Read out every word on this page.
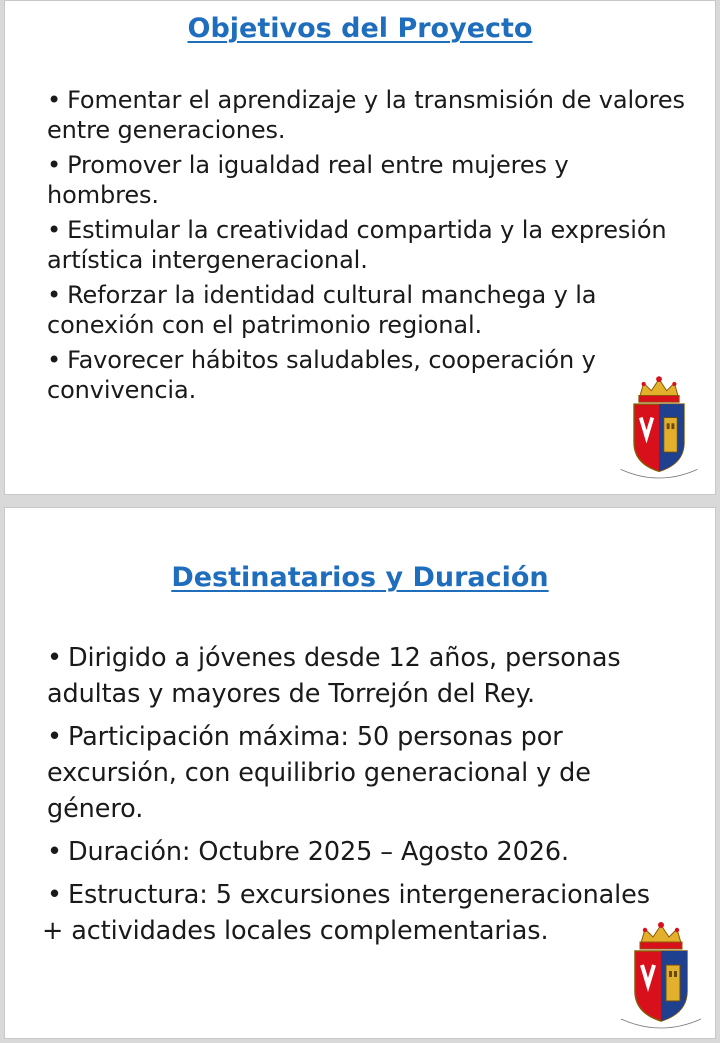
Objetivos del Proyecto
• Fomentar el aprendizaje y la transmisión de valores entre generaciones.
• Promover la igualdad real entre mujeres y hombres.
• Estimular la creatividad compartida y la expresión artística intergeneracional.
• Reforzar la identidad cultural manchega y la conexión con el patrimonio regional.
• Favorecer hábitos saludables, cooperación y convivencia.
Destinatarios y Duración
• Dirigido a jóvenes desde 12 años, personas adultas y mayores de Torrejón del Rey.
• Participación máxima: 50 personas por excursión, con equilibrio generacional y de género.
• Duración: Octubre 2025 – Agosto 2026.
• Estructura: 5 excursiones intergeneracionales
+ actividades locales complementarias.
